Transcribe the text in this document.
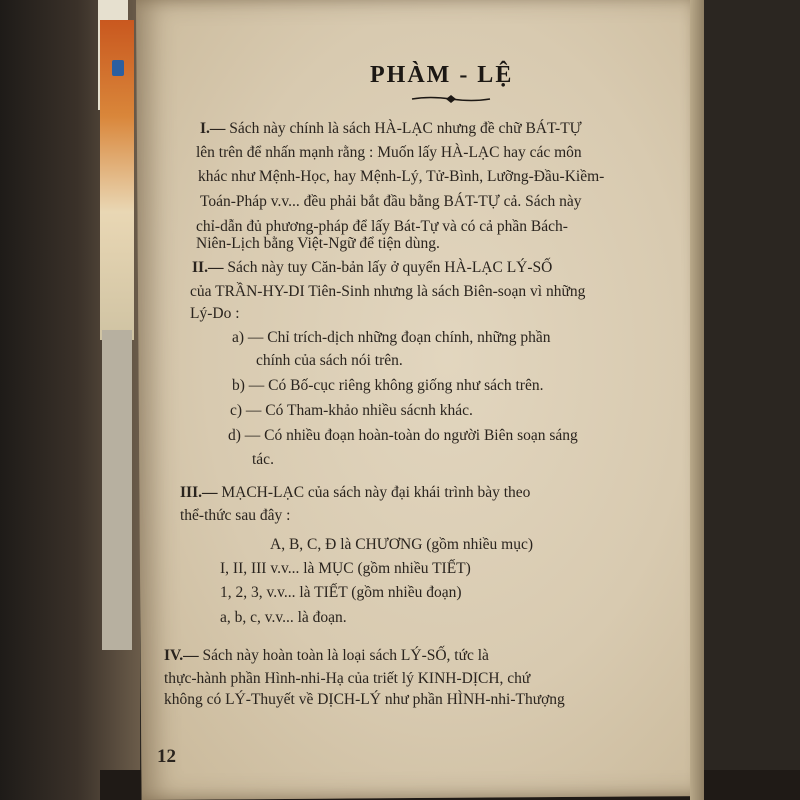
PHÀM - LỆ
I.— Sách này chính là sách HÀ-LẠC nhưng đề chữ BÁT-TỰ
lên trên để nhấn mạnh rằng : Muốn lấy HÀ-LẠC hay các môn
khác như Mệnh-Học, hay Mệnh-Lý, Tử-Bình, Lưỡng-Đầu-Kiềm-
Toán-Pháp v.v... đều phải bắt đầu bằng BÁT-TỰ cả. Sách này
chỉ-dẫn đủ phương-pháp để lấy Bát-Tự và có cả phần Bách-
Niên-Lịch bằng Việt-Ngữ để tiện dùng.
II.— Sách này tuy Căn-bản lấy ở quyển HÀ-LẠC LÝ-SỐ
của TRẦN-HY-DI Tiên-Sinh nhưng là sách Biên-soạn vì những
Lý-Do :
a) — Chỉ trích-dịch những đoạn chính, những phần
chính của sách nói trên.
b) — Có Bố-cục riêng không giống như sách trên.
c) — Có Tham-khảo nhiều sácnh khác.
d) — Có nhiều đoạn hoàn-toàn do người Biên soạn sáng
tác.
III.— MẠCH-LẠC của sách này đại khái trình bày theo
thể-thức sau đây :
A, B, C, Đ là CHƯƠNG (gồm nhiều mục)
I, II, III v.v... là MỤC (gồm nhiều TIẾT)
1, 2, 3, v.v... là TIẾT (gồm nhiều đoạn)
a, b, c, v.v... là đoạn.
IV.— Sách này hoàn toàn là loại sách LÝ-SỐ, tức là
thực-hành phần Hình-nhi-Hạ của triết lý KINH-DỊCH, chứ
không có LÝ-Thuyết về DỊCH-LÝ như phần HÌNH-nhi-Thượng
12
